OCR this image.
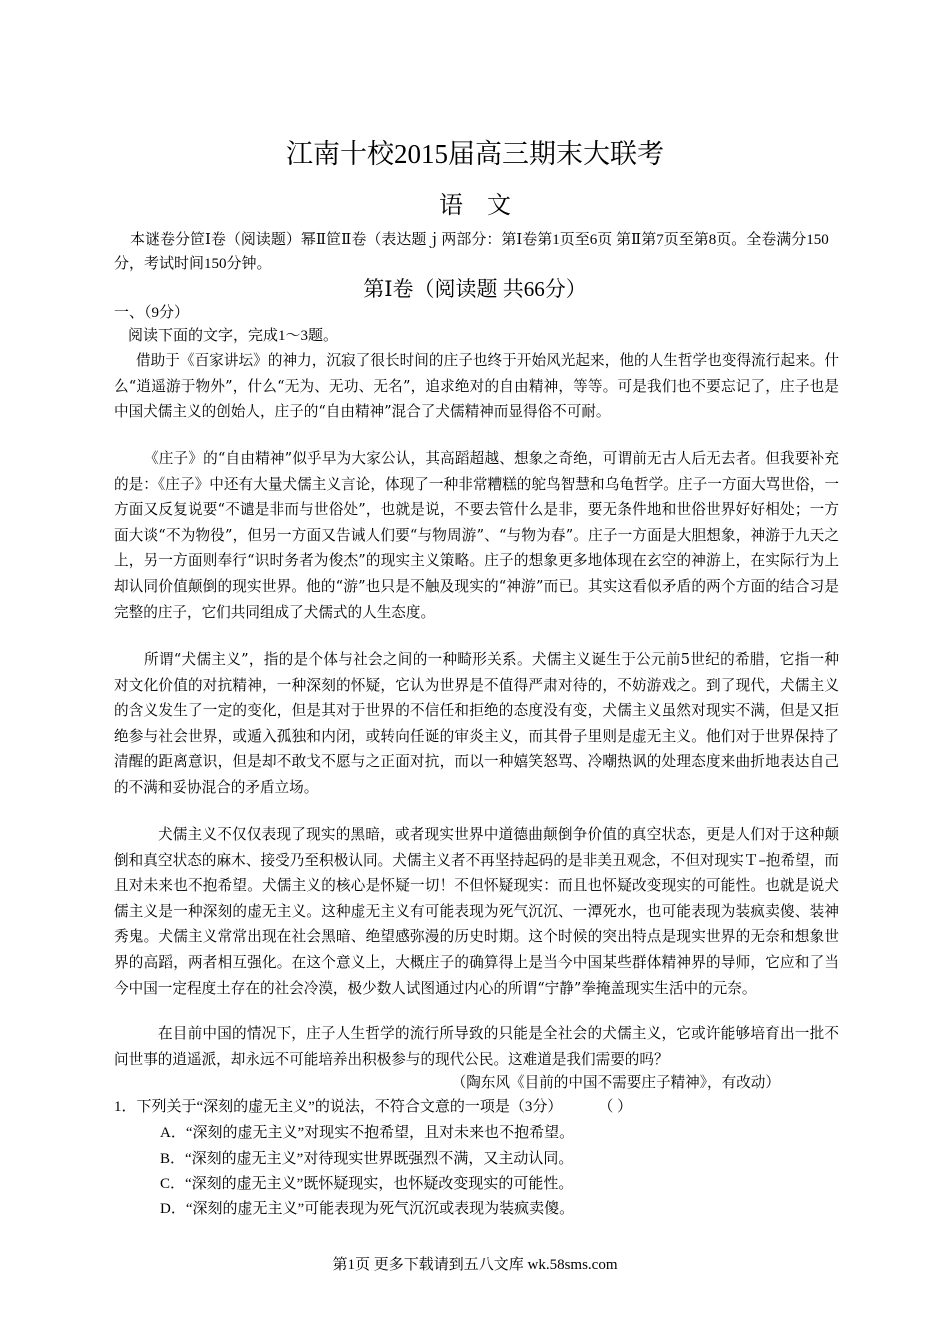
江南十校2015届高三期末大联考
语　文
本谜卷分笸Ⅰ卷（阅读题）幂Ⅱ笸Ⅱ卷（表达题ｊ两部分：第Ⅰ卷第1页至6页 第Ⅱ第7页至第8页。全卷满分150分，考试时间150分钟。
第Ⅰ卷（阅读题 共66分）
一、（9分）
阅读下面的文字，完成1～3题。
借助于《百家讲坛》的神力，沉寂了很长时间的庄子也终于开始风光起来，他的人生哲学也变得流行起来。什么“逍遥游于物外”，什么“无为、无功、无名”，追求绝对的自由精神，等等。可是我们也不要忘记了，庄子也是中国犬儒主义的创始人，庄子的“自由精神”混合了犬儒精神而显得俗不可耐。
《庄子》的“自由精神”似乎早为大家公认，其高蹈超越、想象之奇绝，可谓前无古人后无去者。但我要补充的是：《庄子》中还有大量犬儒主义言论，体现了一种非常糟糕的鸵鸟智慧和乌龟哲学。庄子一方面大骂世俗，一方面又反复说要“不谴是非而与世俗处”，也就是说，不要去管什么是非，要无条件地和世俗世界好好相处；一方面大谈“不为物役”，但另一方面又告诫人们要“与物周游”、“与物为春”。庄子一方面是大胆想象，神游于九天之上，另一方面则奉行“识时务者为俊杰”的现实主义策略。庄子的想象更多地体现在玄空的神游上，在实际行为上却认同价值颠倒的现实世界。他的“游”也只是不触及现实的“神游”而已。其实这看似矛盾的两个方面的结合习是完整的庄子，它们共同组成了犬儒式的人生态度。
所谓“犬儒主义”，指的是个体与社会之间的一种畸形关系。犬儒主义诞生于公元前5世纪的希腊，它指一种对文化价值的对抗精神，一种深刻的怀疑，它认为世界是不值得严肃对待的，不妨游戏之。到了现代，犬儒主义的含义发生了一定的变化，但是其对于世界的不信任和拒绝的态度没有变，犬儒主义虽然对现实不满，但是又拒绝参与社会世界，或遁入孤独和内闭，或转向任诞的审炎主义，而其骨子里则是虚无主义。他们对于世界保持了清醒的距离意识，但是却不敢戈不愿与之正面对抗，而以一种嬉笑怒骂、冷嘲热讽的处理态度来曲折地表达自己的不满和妥协混合的矛盾立场。
犬儒主义不仅仅表现了现实的黑暗，或者现实世界中道德曲颠倒争价值的真空状态，更是人们对于这种颠倒和真空状态的麻木、接受乃至积极认同。犬儒主义者不再坚持起码的是非美丑观念，不但对现实Ｔ–抱希望，而且对未来也不抱希望。犬儒主义的核心是怀疑一切！不但怀疑现实：而且也怀疑改变现实的可能性。也就是说犬儒主义是一种深刻的虚无主义。这种虚无主义有可能表现为死气沉沉、一潭死水，也可能表现为装疯卖傻、装神秀鬼。犬儒主义常常出现在社会黑暗、绝望感弥漫的历史时期。这个时候的突出特点是现实世界的无奈和想象世界的高蹈，两者相互强化。在这个意义上，大概庄子的确算得上是当今中国某些群体精神界的导师，它应和了当今中国一定程度土存在的社会冷漠，极少数人试图通过内心的所谓“宁静”拳掩盖现实生活中的元奈。
在目前中国的情况下，庄子人生哲学的流行所导致的只能是全社会的犬儒主义，它或许能够培育出一批不问世事的逍遥派，却永远不可能培养出积极参与的现代公民。这难道是我们需要的吗？
（陶东风《目前的中国不需要庄子精神》，有改动）
1．下列关于“深刻的虚无主义”的说法，不符合文意的一项是（3分） （ ）
A．“深刻的虚无主义”对现实不抱希望，且对未来也不抱希望。
B．“深刻的虚无主义”对待现实世界既强烈不满，又主动认同。
C．“深刻的虚无主义”既怀疑现实，也怀疑改变现实的可能性。
D．“深刻的虚无主义”可能表现为死气沉沉或表现为装疯卖傻。
第1页 更多下载请到五八文库 wk.58sms.com
